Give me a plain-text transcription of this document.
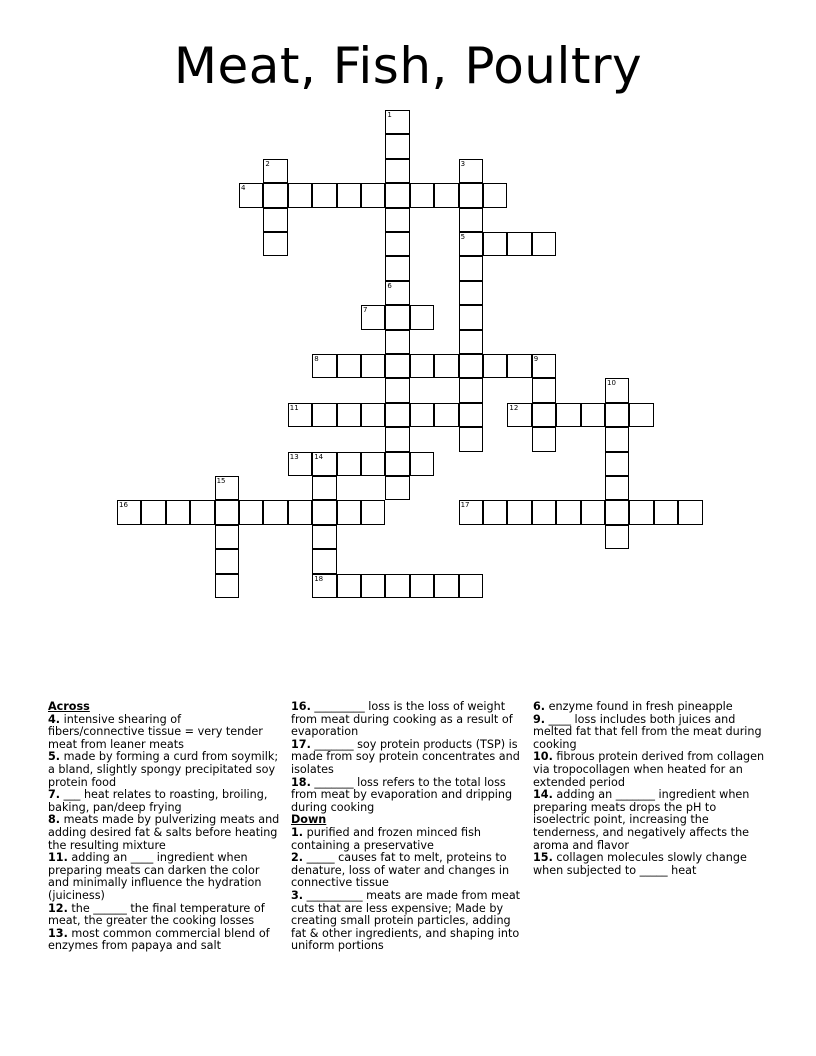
Meat, Fish, Poultry
1
2	3
5
4
6
7
8	9
10
11	12
13 14
15
16	17
18
Across
4. intensive shearing of fibers/connective tissue = very tender meat from leaner meats
5. made by forming a curd from soymilk; a bland, slightly spongy precipitated soy protein food
7. ___ heat relates to roasting, broiling, baking, pan/deep frying
8. meats made by pulverizing meats and adding desired fat & salts before heating the resulting mixture
11. adding an ____ ingredient when preparing meats can darken the color and minimally influence the hydration (juiciness)
12. the ______ the final temperature of meat, the greater the cooking losses
13. most common commercial blend of enzymes from papaya and salt
16. _________ loss is the loss of weight from meat during cooking as a result of evaporation
17. _______ soy protein products (TSP) is made from soy protein concentrates and isolates
18. _______ loss refers to the total loss from meat by evaporation and dripping during cooking
Down
1. purified and frozen minced fish containing a preservative
2. _____ causes fat to melt, proteins to denature, loss of water and changes in connective tissue
3. __________ meats are made from meat cuts that are less expensive; Made by creating small protein particles, adding fat & other ingredients, and shaping into uniform portions
6. enzyme found in fresh pineapple
9. ____ loss includes both juices and melted fat that fell from the meat during cooking
10. fibrous protein derived from collagen via tropocollagen when heated for an extended period
14. adding an _______ ingredient when preparing meats drops the pH to isoelectric point, increasing the tenderness, and negatively affects the aroma and flavor
15. collagen molecules slowly change when subjected to _____ heat
